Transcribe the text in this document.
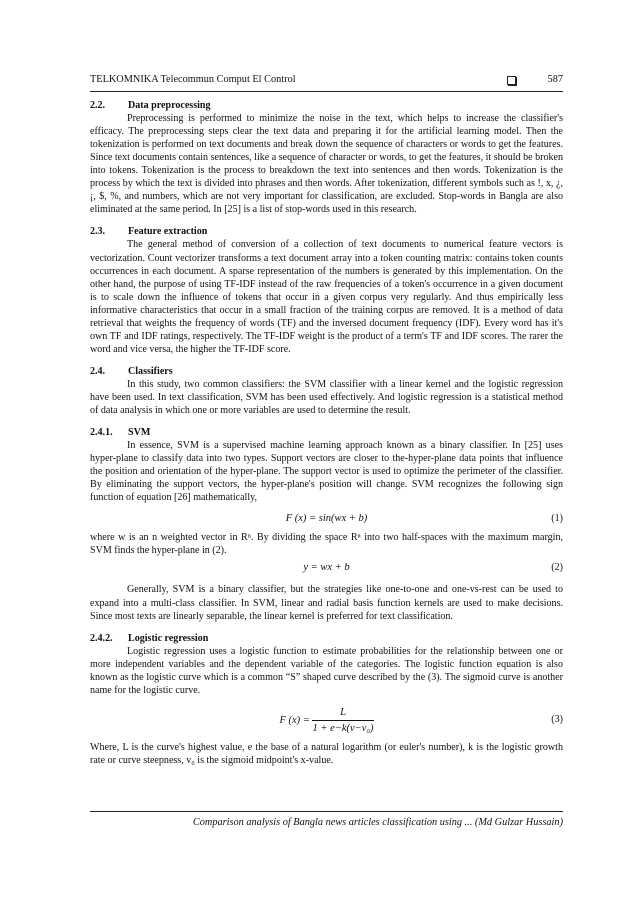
TELKOMNIKA Telecommun Comput El Control	587
2.2. Data preprocessing

Preprocessing is performed to minimize the noise in the text, which helps to increase the classifier's efficacy. The preprocessing steps clear the text data and preparing it for the artificial learning model. Then the tokenization is performed on text documents and break down the sequence of characters or words to get the features. Since text documents contain sentences, like a sequence of character or words, to get the features, it should be broken into tokens. Tokenization is the process to breakdown the text into sentences and then words. Tokenization is the process by which the text is divided into phrases and then words. After tokenization, different symbols such as !, x, ¿, ¡, $, %, and numbers, which are not very important for classification, are excluded. Stop-words in Bangla are also eliminated at the same period. In [25] is a list of stop-words used in this research.

2.3. Feature extraction

The general method of conversion of a collection of text documents to numerical feature vectors is vectorization. Count vectorizer transforms a text document array into a token counting matrix: contains token counts occurrences in each document. A sparse representation of the numbers is generated by this implementation. On the other hand, the purpose of using TF-IDF instead of the raw frequencies of a token's occurrence in a given document is to scale down the influence of tokens that occur in a given corpus very regularly. And thus empirically less informative characteristics that occur in a small fraction of the training corpus are removed. It is a method of data retrieval that weights the frequency of words (TF) and the inversed document frequency (IDF). Every word has it's own TF and IDF ratings, respectively. The TF-IDF weight is the product of a term's TF and IDF scores. The rarer the word and vice versa, the higher the TF-IDF score.

2.4. Classifiers

In this study, two common classifiers: the SVM classifier with a linear kernel and the logistic regression have been used. In text classification, SVM has been used effectively. And logistic regression is a statistical method of data analysis in which one or more variables are used to determine the result.

2.4.1. SVM

In essence, SVM is a supervised machine learning approach known as a binary classifier. In [25] uses hyper-plane to classify data into two types. Support vectors are closer to the-hyper-plane data points that influence the position and orientation of the hyper-plane. The support vector is used to optimize the perimeter of the classifier. By eliminating the support vectors, the hyper-plane's position will change. SVM recognizes the following sign function of equation [26] mathematically,

F (x) = sin(wx + b)	(1)

where w is an n weighted vector in Rⁿ. By dividing the space Rⁿ into two half-spaces with the maximum margin, SVM finds the hyper-plane in (2).

y = wx + b	(2)

Generally, SVM is a binary classifier, but the strategies like one-to-one and one-vs-rest can be used to expand into a multi-class classifier. In SVM, linear and radial basis function kernels are used to make decisions. Since most texts are linearly separable, the linear kernel is preferred for text classification.

2.4.2. Logistic regression

Logistic regression uses a logistic function to estimate probabilities for the relationship between one or more independent variables and the dependent variable of the categories. The logistic function equation is also known as the logistic curve which is a common “S” shaped curve described by the (3). The sigmoid curve is another name for the logistic curve.

F $(x) = \frac{L}{\text{1 + e−k(v−v₀)}}$	(3)

Where, L is the curve's highest value, e the base of a natural logarithm (or euler's number), k is the logistic growth rate or curve steepness, v₀ is the sigmoid midpoint's x-value.

Comparison analysis of Bangla news articles classification using ... (Md Gulzar Hussain)
